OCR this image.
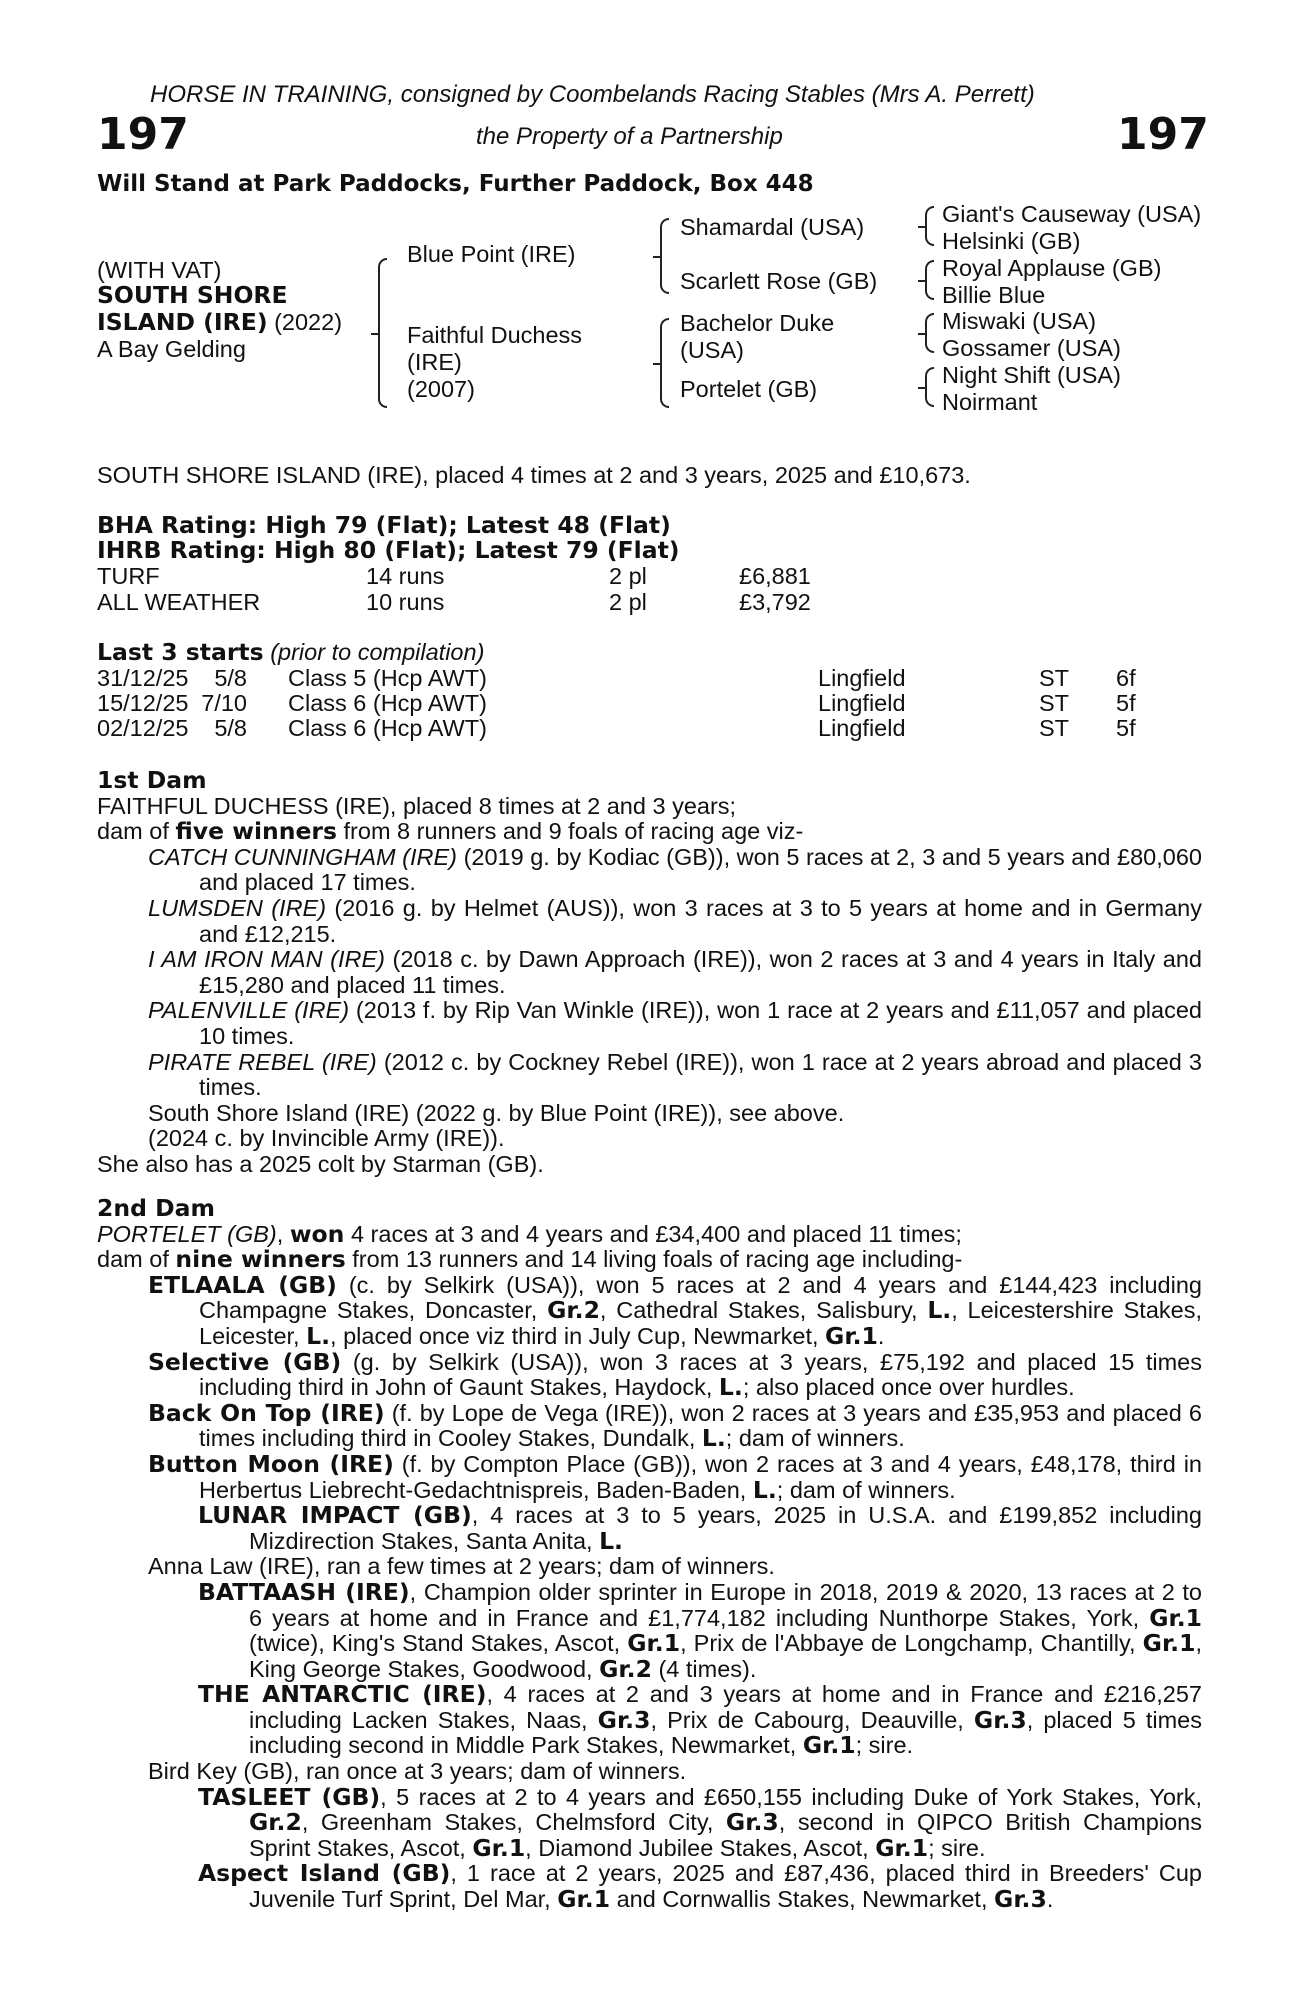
HORSE IN TRAINING, consigned by Coombelands Racing Stables (Mrs A. Perrett)
197	the Property of a Partnership	197
Will Stand at Park Paddocks, Further Paddock, Box 448
(WITH VAT)
SOUTH SHORE
ISLAND (IRE) (2022)
A Bay Gelding
Blue Point (IRE)
Faithful Duchess
(IRE)
(2007)
Shamardal (USA)
Scarlett Rose (GB)
Bachelor Duke
(USA)
Portelet (GB)
Giant's Causeway (USA)
Helsinki (GB)
Royal Applause (GB)
Billie Blue
Miswaki (USA)
Gossamer (USA)
Night Shift (USA)
Noirmant
SOUTH SHORE ISLAND (IRE), placed 4 times at 2 and 3 years, 2025 and £10,673.
BHA Rating: High 79 (Flat); Latest 48 (Flat)
IHRB Rating: High 80 (Flat); Latest 79 (Flat)
TURF	14 runs	2 pl	£6,881
ALL WEATHER	10 runs	2 pl	£3,792
Last 3 starts (prior to compilation)
31/12/25	5/8 Class 5 (Hcp AWT)	Lingfield	ST 6f
15/12/25 7/10 Class 6 (Hcp AWT)	Lingfield	ST 5f
02/12/25	5/8 Class 6 (Hcp AWT)	Lingfield	ST 5f

1st Dam

FAITHFUL DUCHESS (IRE), placed 8 times at 2 and 3 years;

dam of five winners from 8 runners and 9 foals of racing age viz-

CATCH CUNNINGHAM (IRE) (2019 g. by Kodiac (GB)), won 5 races at 2, 3 and 5 years and £80,060 and placed 17 times.

LUMSDEN (IRE) (2016 g. by Helmet (AUS)), won 3 races at 3 to 5 years at home and in Germany and £12,215.

I AM IRON MAN (IRE) (2018 c. by Dawn Approach (IRE)), won 2 races at 3 and 4 years in Italy and £15,280 and placed 11 times.

PALENVILLE (IRE) (2013 f. by Rip Van Winkle (IRE)), won 1 race at 2 years and £11,057 and placed 10 times.

PIRATE REBEL (IRE) (2012 c. by Cockney Rebel (IRE)), won 1 race at 2 years abroad and placed 3 times.

South Shore Island (IRE) (2022 g. by Blue Point (IRE)), see above.

(2024 c. by Invincible Army (IRE)).

She also has a 2025 colt by Starman (GB).

2nd Dam

PORTELET (GB), won 4 races at 3 and 4 years and £34,400 and placed 11 times;

dam of nine winners from 13 runners and 14 living foals of racing age including-

ETLAALA (GB) (c. by Selkirk (USA)), won 5 races at 2 and 4 years and £144,423 including Champagne Stakes, Doncaster, Gr.2, Cathedral Stakes, Salisbury, L., Leicestershire Stakes, Leicester, L., placed once viz third in July Cup, Newmarket, Gr.1.

Selective (GB) (g. by Selkirk (USA)), won 3 races at 3 years, £75,192 and placed 15 times including third in John of Gaunt Stakes, Haydock, L.; also placed once over hurdles.

Back On Top (IRE) (f. by Lope de Vega (IRE)), won 2 races at 3 years and £35,953 and placed 6 times including third in Cooley Stakes, Dundalk, L.; dam of winners.

Button Moon (IRE) (f. by Compton Place (GB)), won 2 races at 3 and 4 years, £48,178, third in Herbertus Liebrecht-Gedachtnispreis, Baden-Baden, L.; dam of winners.

LUNAR IMPACT (GB), 4 races at 3 to 5 years, 2025 in U.S.A. and £199,852 including Mizdirection Stakes, Santa Anita, L.

Anna Law (IRE), ran a few times at 2 years; dam of winners.

BATTAASH (IRE), Champion older sprinter in Europe in 2018, 2019 & 2020, 13 races at 2 to 6 years at home and in France and £1,774,182 including Nunthorpe Stakes, York, Gr.1 (twice), King's Stand Stakes, Ascot, Gr.1, Prix de l'Abbaye de Longchamp, Chantilly, Gr.1, King George Stakes, Goodwood, Gr.2 (4 times).

THE ANTARCTIC (IRE), 4 races at 2 and 3 years at home and in France and £216,257 including Lacken Stakes, Naas, Gr.3, Prix de Cabourg, Deauville, Gr.3, placed 5 times including second in Middle Park Stakes, Newmarket, Gr.1; sire.

Bird Key (GB), ran once at 3 years; dam of winners.

TASLEET (GB), 5 races at 2 to 4 years and £650,155 including Duke of York Stakes, York, Gr.2, Greenham Stakes, Chelmsford City, Gr.3, second in QIPCO British Champions Sprint Stakes, Ascot, Gr.1, Diamond Jubilee Stakes, Ascot, Gr.1; sire.

Aspect Island (GB), 1 race at 2 years, 2025 and £87,436, placed third in Breeders' Cup Juvenile Turf Sprint, Del Mar, Gr.1 and Cornwallis Stakes, Newmarket, Gr.3.
